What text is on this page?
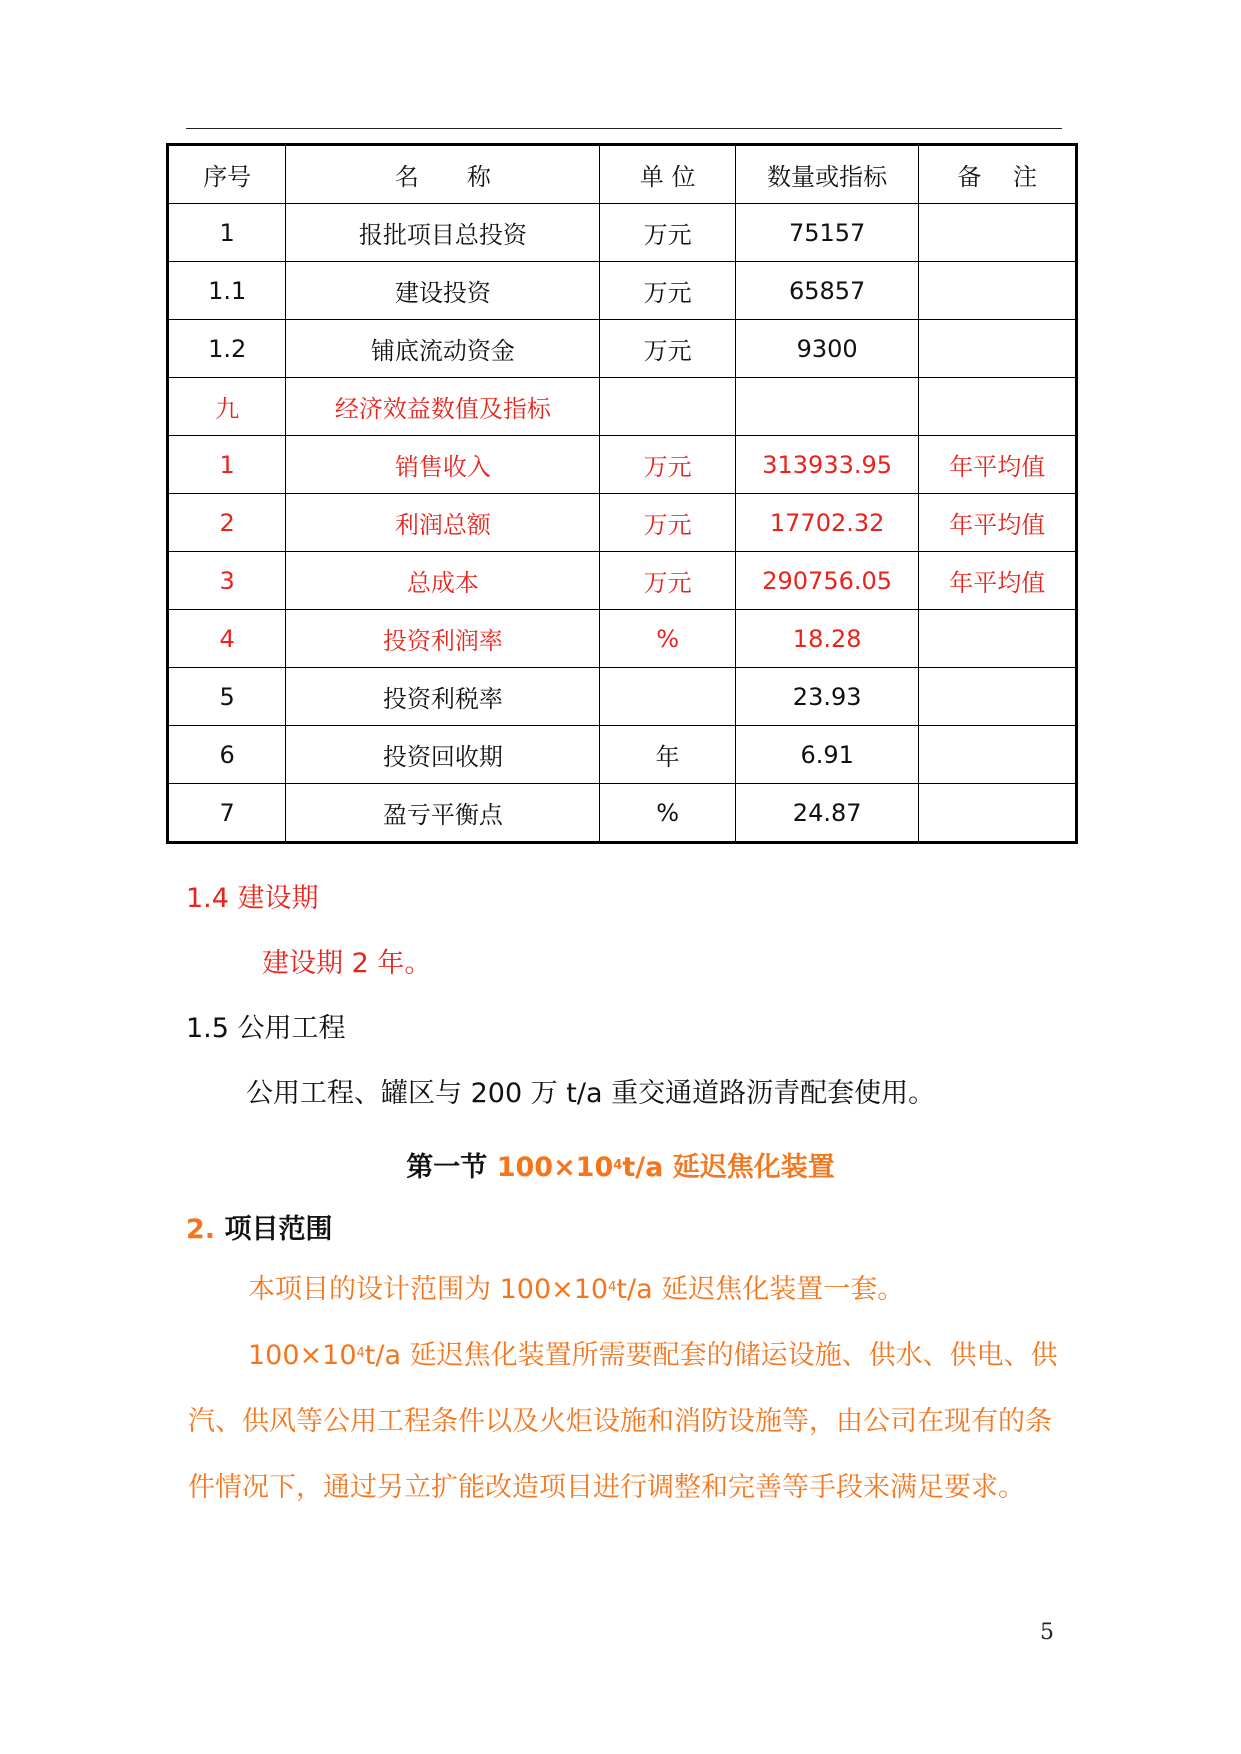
序号	名　　称	单 位	数量或指标	备　 注
1	报批项目总投资	万元	75157	
1.1	建设投资	万元	65857	
1.2	铺底流动资金	万元	9300	
九	经济效益数值及指标			
1	销售收入	万元	313933.95	年平均值
2	利润总额	万元	17702.32	年平均值
3	总成本	万元	290756.05	年平均值
4	投资利润率	%	18.28	
5	投资利税率		23.93	
6	投资回收期	年	6.91	
7	盈亏平衡点	%	24.87	
1.4 建设期
建设期 2 年。
1.5 公用工程
公用工程、罐区与 200 万 t/a 重交通道路沥青配套使用。
第一节 $100\times 10^4t/a$ 延迟焦化装置
2. 项目范围
本项目的设计范围为 $100\times 10^4t/a$ 延迟焦化装置一套。
$100\times 10^4t/a$ 延迟焦化装置所需要配套的储运设施、供水、供电、供汽、供风等公用工程条件以及火炬设施和消防设施等，由公司在现有的条件情况下，通过另立扩能改造项目进行调整和完善等手段来满足要求。
5
